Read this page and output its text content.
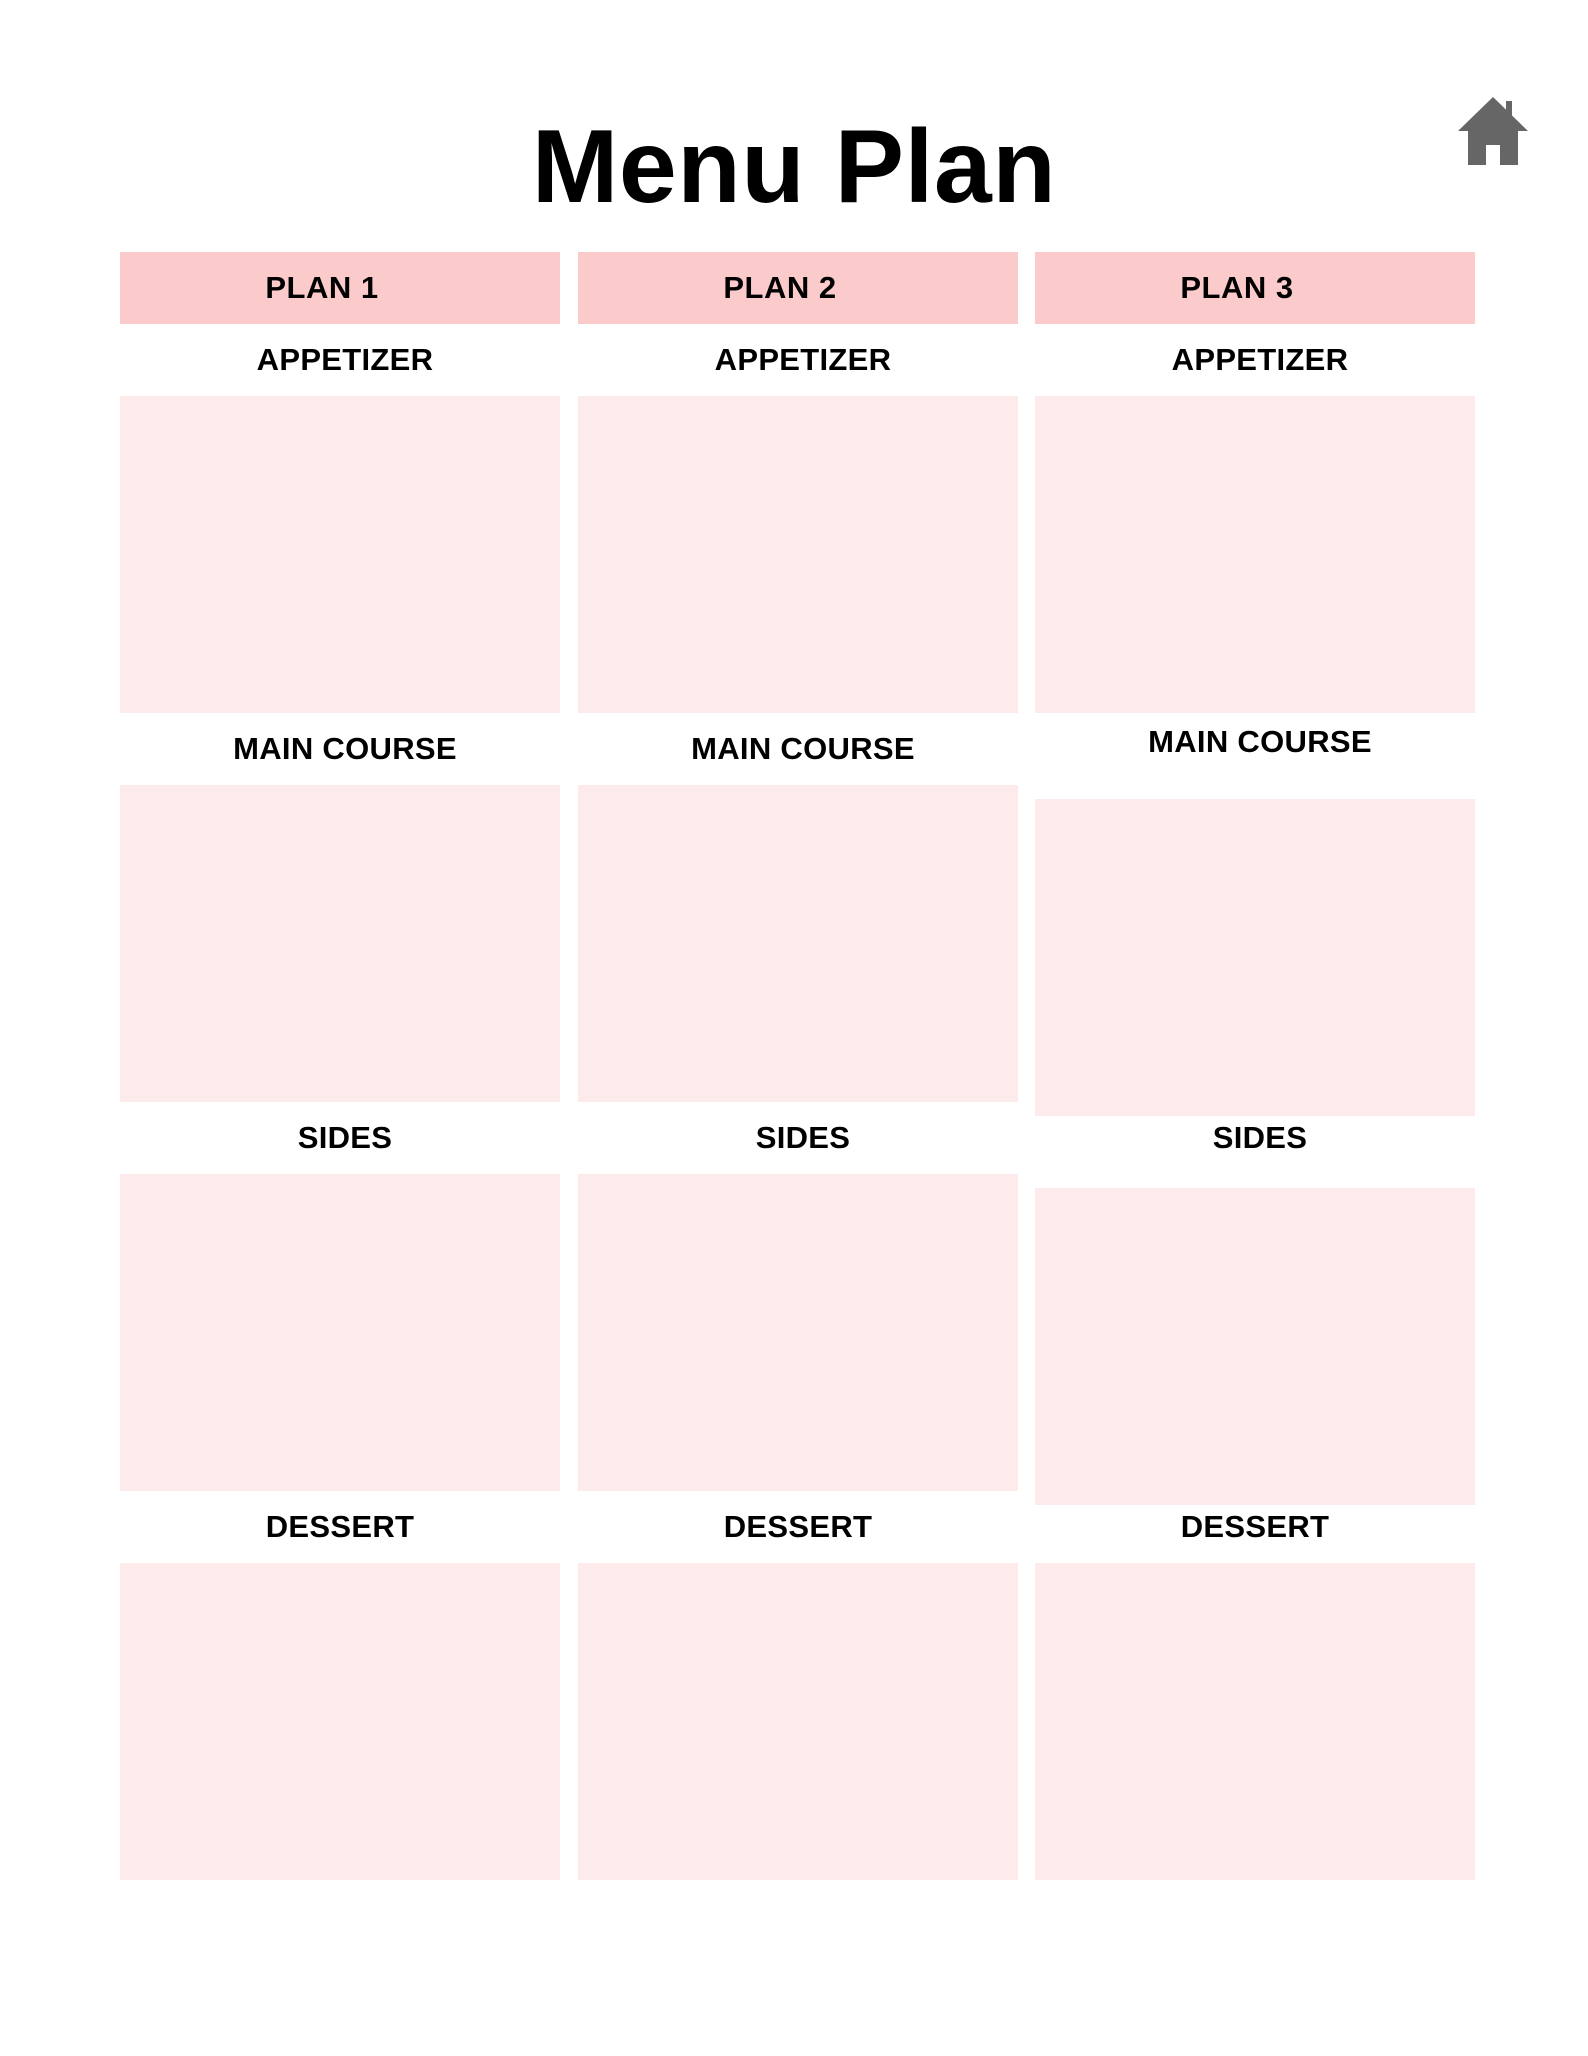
Menu Plan
PLAN 1
APPETIZER
MAIN COURSE
SIDES
DESSERT
PLAN 2
APPETIZER
MAIN COURSE
SIDES
DESSERT
PLAN 3
APPETIZER
MAIN COURSE
SIDES
DESSERT
